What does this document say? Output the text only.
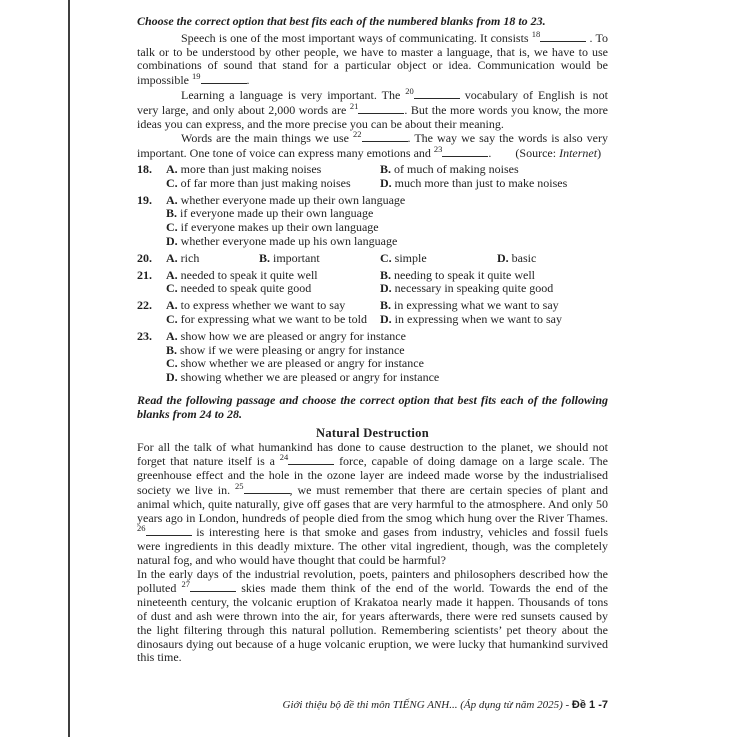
Choose the correct option that best fits each of the numbered blanks from 18 to 23.

Speech is one of the most important ways of communicating. It consists $^{18}$	. To talk or to be understood by other people, we have to master a language, that is, we have to use combinations of sound that stand for a particular object or idea. Communication would be impossible $^{19}$	.

Learning a language is very important. The $^{20}$	vocabulary of English is not very large, and only about 2,000 words are $^{21}$	. But the more words you know, the more ideas you can express, and the more precise you can be about their meaning.

Words are the main things we use $^{22}$	. The way we say the words is also very important. One tone of voice can express many emotions and $^{23}$	. (Source: Internet)

18.	A. more than just making noises	B. of much of making noises
C. of far more than just making noises	D. much more than just to make noises
19.	A. whether everyone made up their own language
B. if everyone made up their own language
C. if everyone makes up their own language
D. whether everyone made up his own language
20.	A. rich	B. important	C. simple	D. basic
21.	A. needed to speak it quite well	B. needing to speak it quite well
C. needed to speak quite good	D. necessary in speaking quite good
22.	A. to express whether we want to say	B. in expressing what we want to say
C. for expressing what we want to be told	D. in expressing when we want to say
23.	A. show how we are pleased or angry for instance
B. show if we were pleasing or angry for instance
C. show whether we are pleased or angry for instance
D. showing whether we are pleased or angry for instance

Read the following passage and choose the correct option that best fits each of the following blanks from 24 to 28.

Natural Destruction

For all the talk of what humankind has done to cause destruction to the planet, we should not forget that nature itself is a $^{24}$	force, capable of doing damage on a large scale. The greenhouse effect and the hole in the ozone layer are indeed made worse by the industrialised society we live in. $^{25}$	, we must remember that there are certain species of plant and animal which, quite naturally, give off gases that are very harmful to the atmosphere. And only 50 years ago in London, hundreds of people died from the smog which hung over the River Thames. $^{26}$	is interesting here is that smoke and gases from industry, vehicles and fossil fuels were ingredients in this deadly mixture. The other vital ingredient, though, was the completely natural fog, and who would have thought that could be harmful?

In the early days of the industrial revolution, poets, painters and philosophers described how the polluted $^{27}$	skies made them think of the end of the world. Towards the end of the nineteenth century, the volcanic eruption of Krakatoa nearly made it happen. Thousands of tons of dust and ash were thrown into the air, for years afterwards, there were red sunsets caused by the light filtering through this natural pollution. Remembering scientists’ pet theory about the dinosaurs dying out because of a huge volcanic eruption, we were lucky that humankind survived this time.

Giới thiệu bộ đề thi môn TIẾNG ANH... (Áp dụng từ năm 2025) - Đề 1 -7
